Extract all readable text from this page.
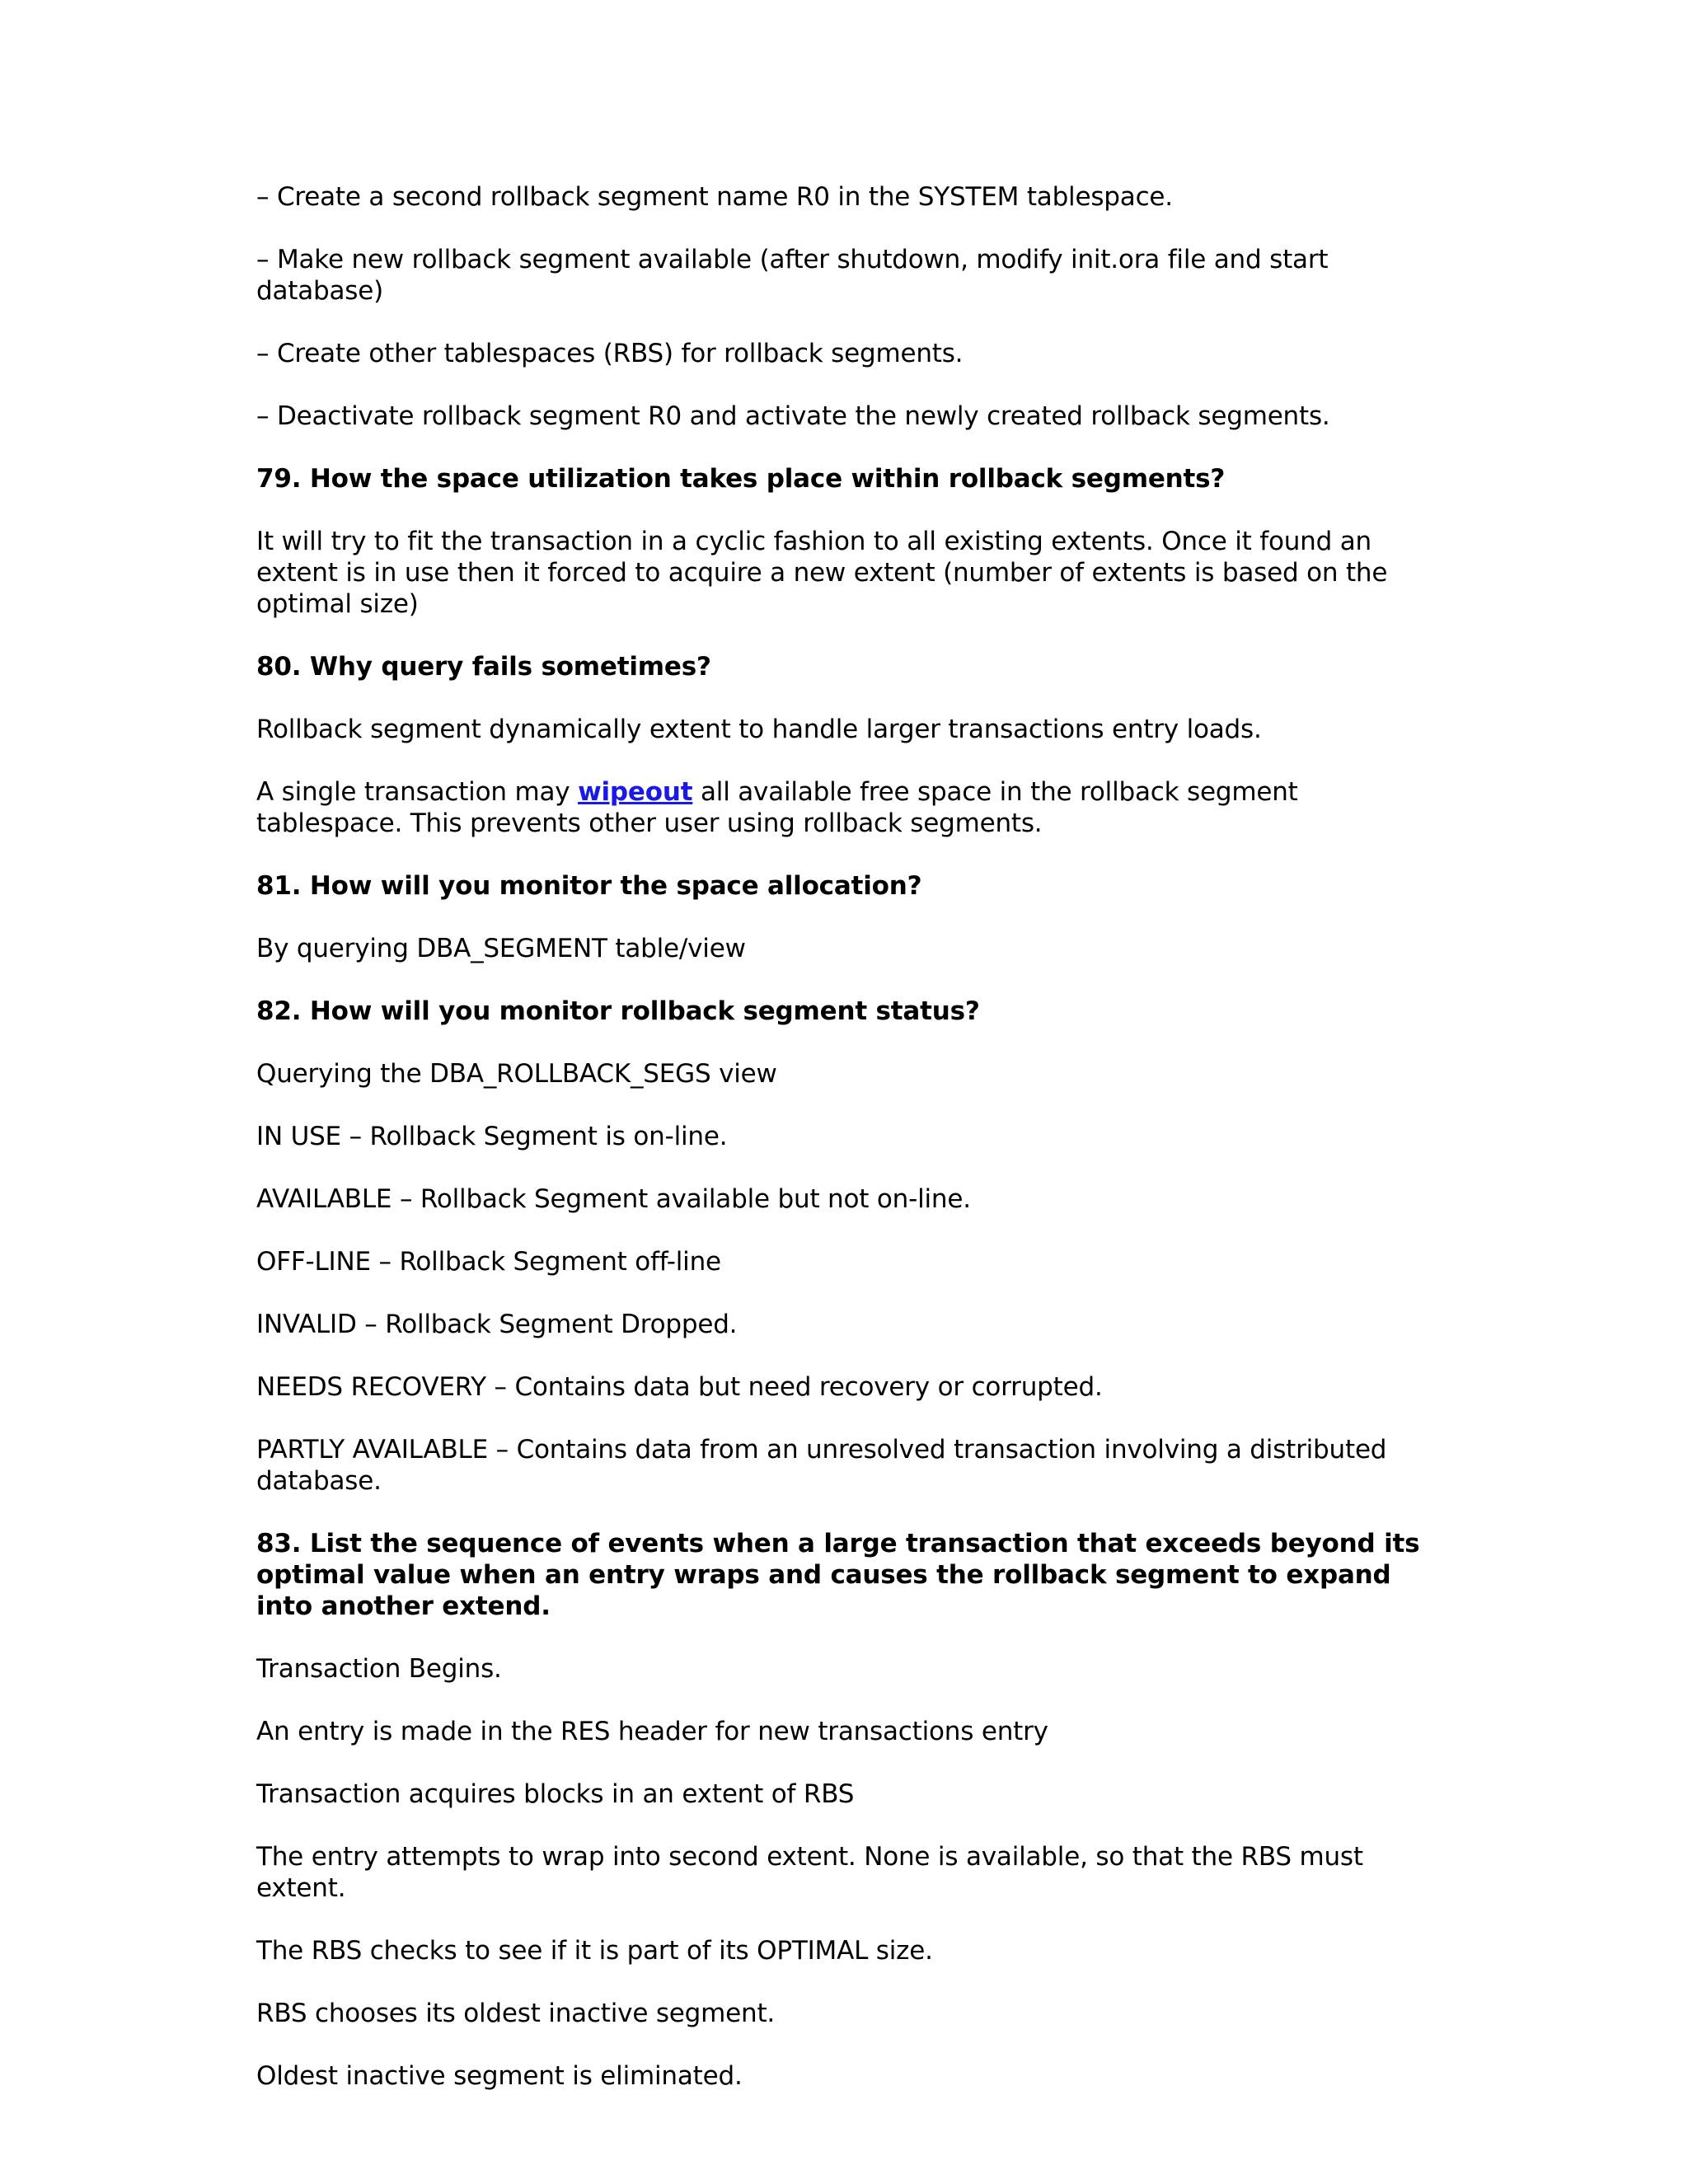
– Create a second rollback segment name R0 in the SYSTEM tablespace.

– Make new rollback segment available (after shutdown, modify init.ora file and start database)

– Create other tablespaces (RBS) for rollback segments.

– Deactivate rollback segment R0 and activate the newly created rollback segments.

79. How the space utilization takes place within rollback segments?

It will try to fit the transaction in a cyclic fashion to all existing extents. Once it found an extent is in use then it forced to acquire a new extent (number of extents is based on the optimal size)

80. Why query fails sometimes?

Rollback segment dynamically extent to handle larger transactions entry loads.

A single transaction may wipeout all available free space in the rollback segment tablespace. This prevents other user using rollback segments.

81. How will you monitor the space allocation?

By querying DBA_SEGMENT table/view

82. How will you monitor rollback segment status?

Querying the DBA_ROLLBACK_SEGS view

IN USE – Rollback Segment is on-line.

AVAILABLE – Rollback Segment available but not on-line.

OFF-LINE – Rollback Segment off-line

INVALID – Rollback Segment Dropped.

NEEDS RECOVERY – Contains data but need recovery or corrupted.

PARTLY AVAILABLE – Contains data from an unresolved transaction involving a distributed database.

83. List the sequence of events when a large transaction that exceeds beyond its optimal value when an entry wraps and causes the rollback segment to expand into another extend.

Transaction Begins.

An entry is made in the RES header for new transactions entry

Transaction acquires blocks in an extent of RBS

The entry attempts to wrap into second extent. None is available, so that the RBS must extent.

The RBS checks to see if it is part of its OPTIMAL size.

RBS chooses its oldest inactive segment.

Oldest inactive segment is eliminated.
